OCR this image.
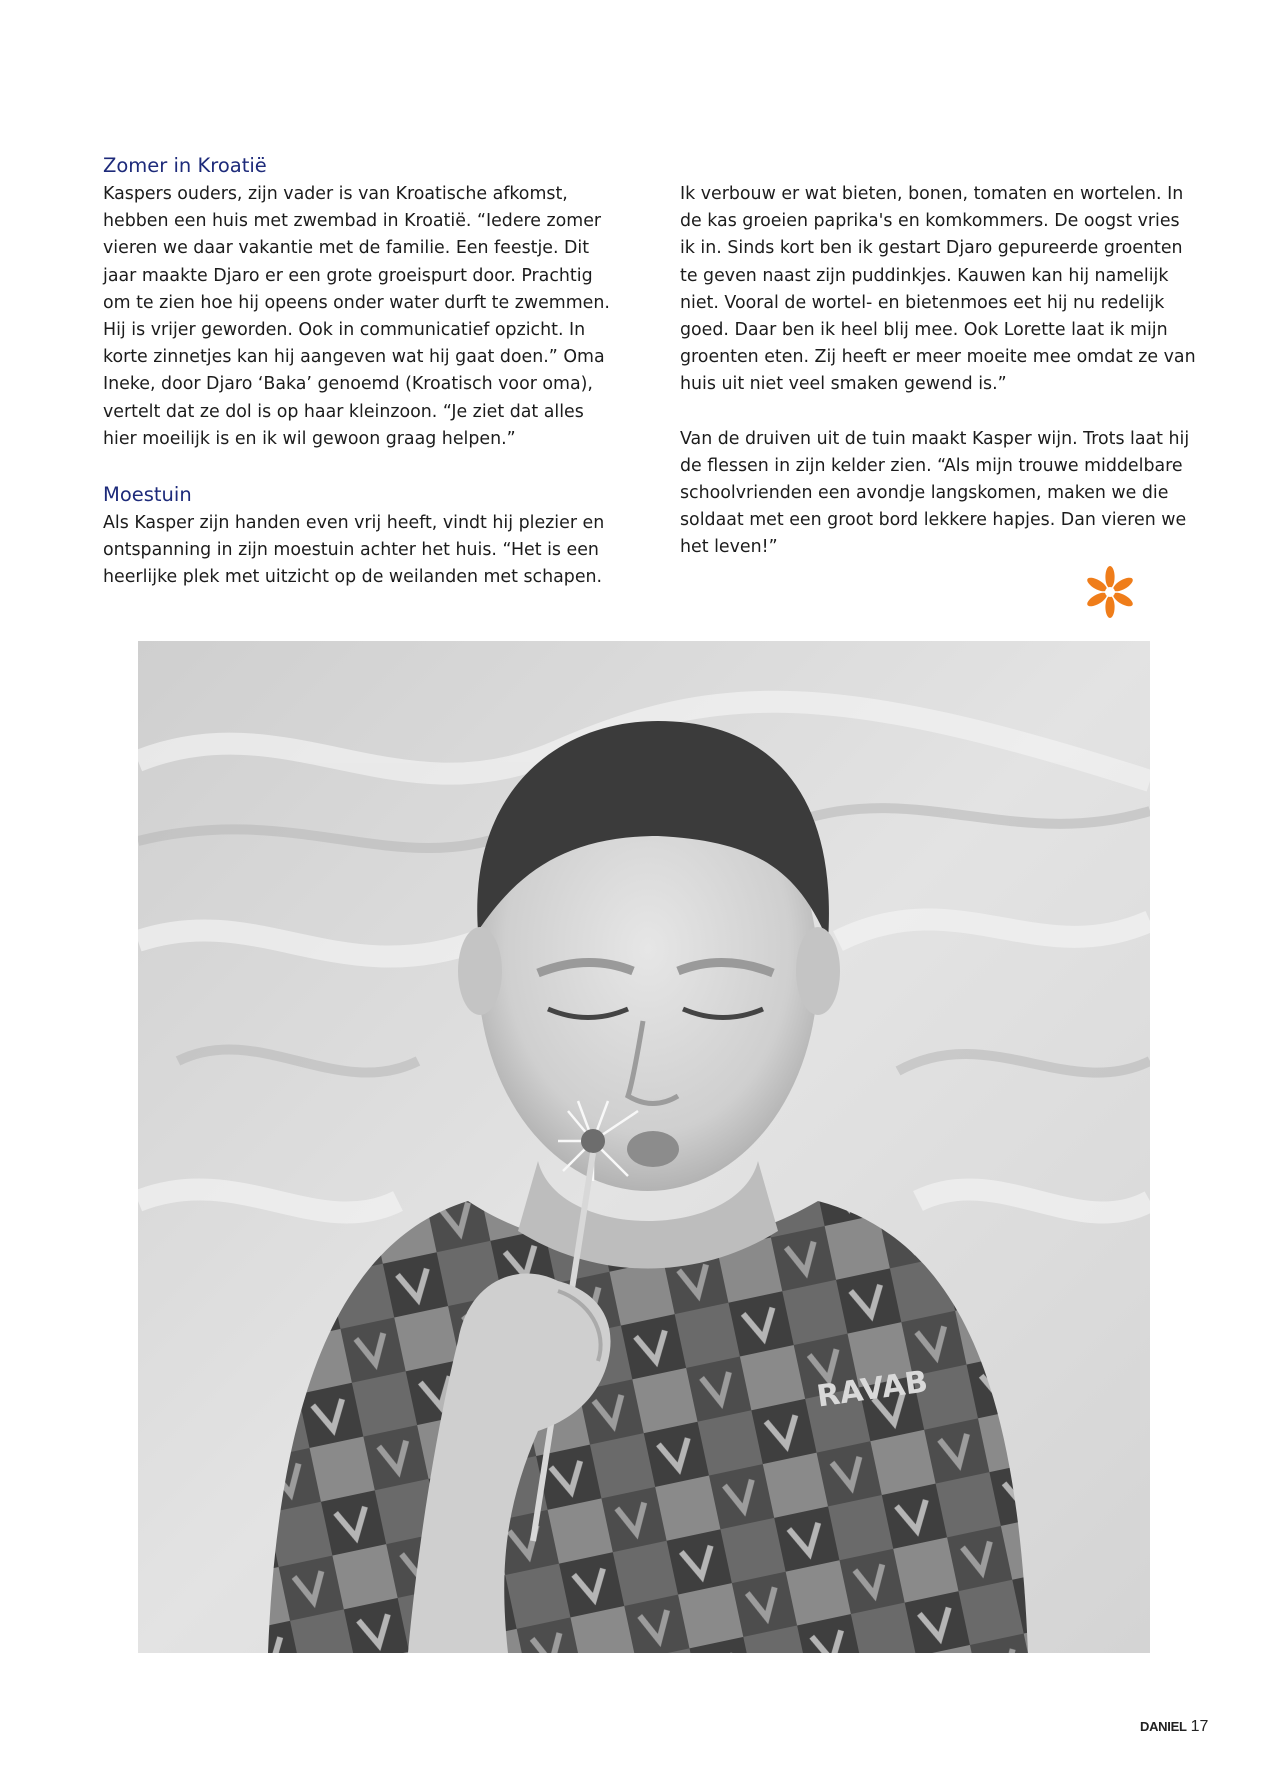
Zomer in Kroatië

Kaspers ouders, zijn vader is van Kroatische afkomst, hebben een huis met zwembad in Kroatië. “Iedere zomer vieren we daar vakantie met de familie. Een feestje. Dit jaar maakte Djaro er een grote groeispurt door. Prachtig om te zien hoe hij opeens onder water durft te zwemmen. Hij is vrijer geworden. Ook in communicatief opzicht. In korte zinnetjes kan hij aangeven wat hij gaat doen.” Oma Ineke, door Djaro ‘Baka’ genoemd (Kroatisch voor oma), vertelt dat ze dol is op haar kleinzoon. “Je ziet dat alles hier moeilijk is en ik wil gewoon graag helpen.”

Moestuin

Als Kasper zijn handen even vrij heeft, vindt hij plezier en ontspanning in zijn moestuin achter het huis. “Het is een heerlijke plek met uitzicht op de weilanden met schapen.

Ik verbouw er wat bieten, bonen, tomaten en wortelen. In de kas groeien paprika's en komkommers. De oogst vries ik in. Sinds kort ben ik gestart Djaro gepureerde groenten te geven naast zijn puddinkjes. Kauwen kan hij namelijk niet. Vooral de wortel- en bietenmoes eet hij nu redelijk goed. Daar ben ik heel blij mee. Ook Lorette laat ik mijn groenten eten. Zij heeft er meer moeite mee omdat ze van huis uit niet veel smaken gewend is.”

Van de druiven uit de tuin maakt Kasper wijn. Trots laat hij de flessen in zijn kelder zien. “Als mijn trouwe middelbare schoolvrienden een avondje langskomen, maken we die soldaat met een groot bord lekkere hapjes. Dan vieren we het leven!”

RAVAB
DANIEL 17
